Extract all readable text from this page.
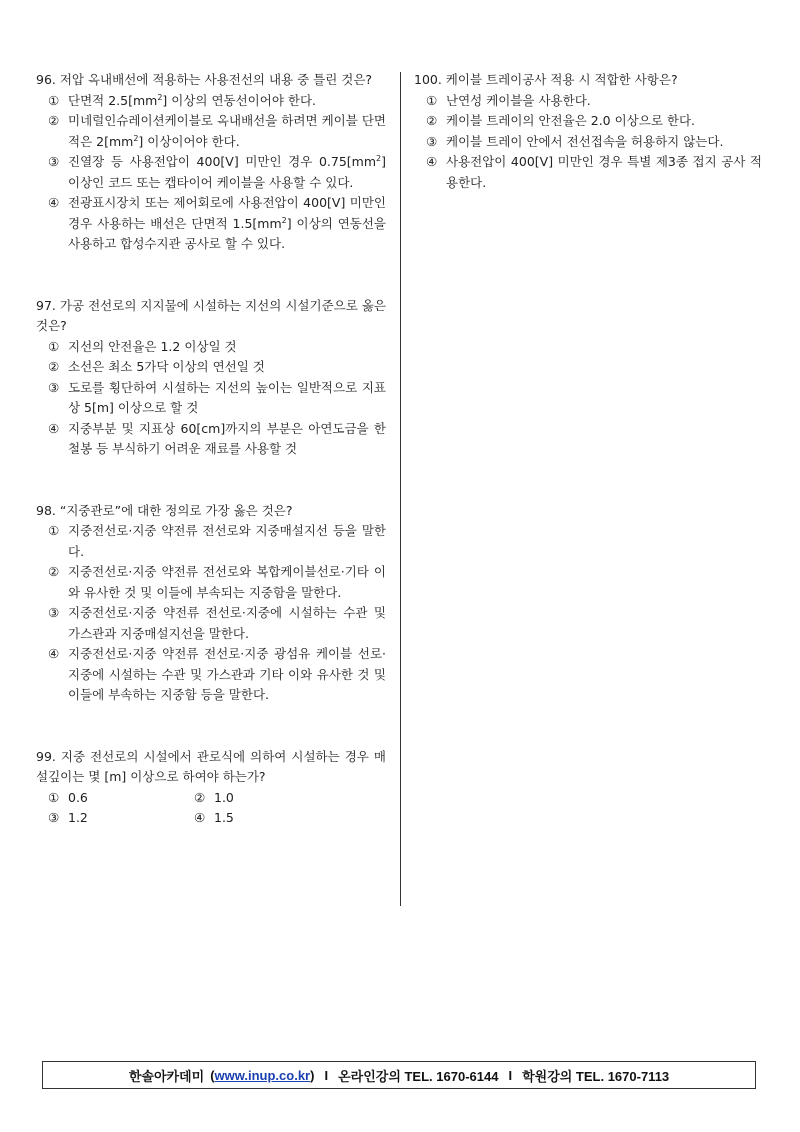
96. 저압 옥내배선에 적용하는 사용전선의 내용 중 틀린 것은?
① 단면적 $2.5[mm^2]$ 이상의 연동선이어야 한다.
② 미네럴인슈레이션케이블로 옥내배선을 하려면 케이블 단면적은 $2[mm^2]$ 이상이어야 한다.
③ 진열장 등 사용전압이 400[V] 미만인 경우 $0.75[mm^2]$ 이상인 코드 또는 캡타이어 케이블을 사용할 수 있다.
④ 전광표시장치 또는 제어회로에 사용전압이 400[V] 미만인 경우 사용하는 배선은 단면적 $1.5[mm^2]$ 이상의 연동선을 사용하고 합성수지관 공사로 할 수 있다.
97. 가공 전선로의 지지물에 시설하는 지선의 시설기준으로 옳은 것은?
① 지선의 안전율은 1.2 이상일 것
② 소선은 최소 5가닥 이상의 연선일 것
③ 도로를 횡단하여 시설하는 지선의 높이는 일반적으로 지표상 5[m] 이상으로 할 것
④ 지중부분 및 지표상 60[cm]까지의 부분은 아연도금을 한 철봉 등 부식하기 어려운 재료를 사용할 것
98. “지중관로”에 대한 정의로 가장 옳은 것은?
① 지중전선로·지중 약전류 전선로와 지중매설지선 등을 말한다.
② 지중전선로·지중 약전류 전선로와 복합케이블선로·기타 이와 유사한 것 및 이들에 부속되는 지중함을 말한다.
③ 지중전선로·지중 약전류 전선로·지중에 시설하는 수관 및 가스관과 지중매설지선을 말한다.
④ 지중전선로·지중 약전류 전선로·지중 광섬유 케이블 선로·지중에 시설하는 수관 및 가스관과 기타 이와 유사한 것 및 이들에 부속하는 지중함 등을 말한다.
99. 지중 전선로의 시설에서 관로식에 의하여 시설하는 경우 매설깊이는 몇 [m] 이상으로 하여야 하는가?
① 0.6	② 1.0
③ 1.2	④ 1.5
100. 케이블 트레이공사 적용 시 적합한 사항은?
① 난연성 케이블을 사용한다.
② 케이블 트레이의 안전율은 2.0 이상으로 한다.
③ 케이블 트레이 안에서 전선접속을 허용하지 않는다.
④ 사용전압이 400[V] 미만인 경우 특별 제3종 접지 공사 적용한다.
한솔아카데미 ( www.inup.co.kr ) I 온라인강의 TEL. 1670-6144 I 학원강의 TEL. 1670-7113
